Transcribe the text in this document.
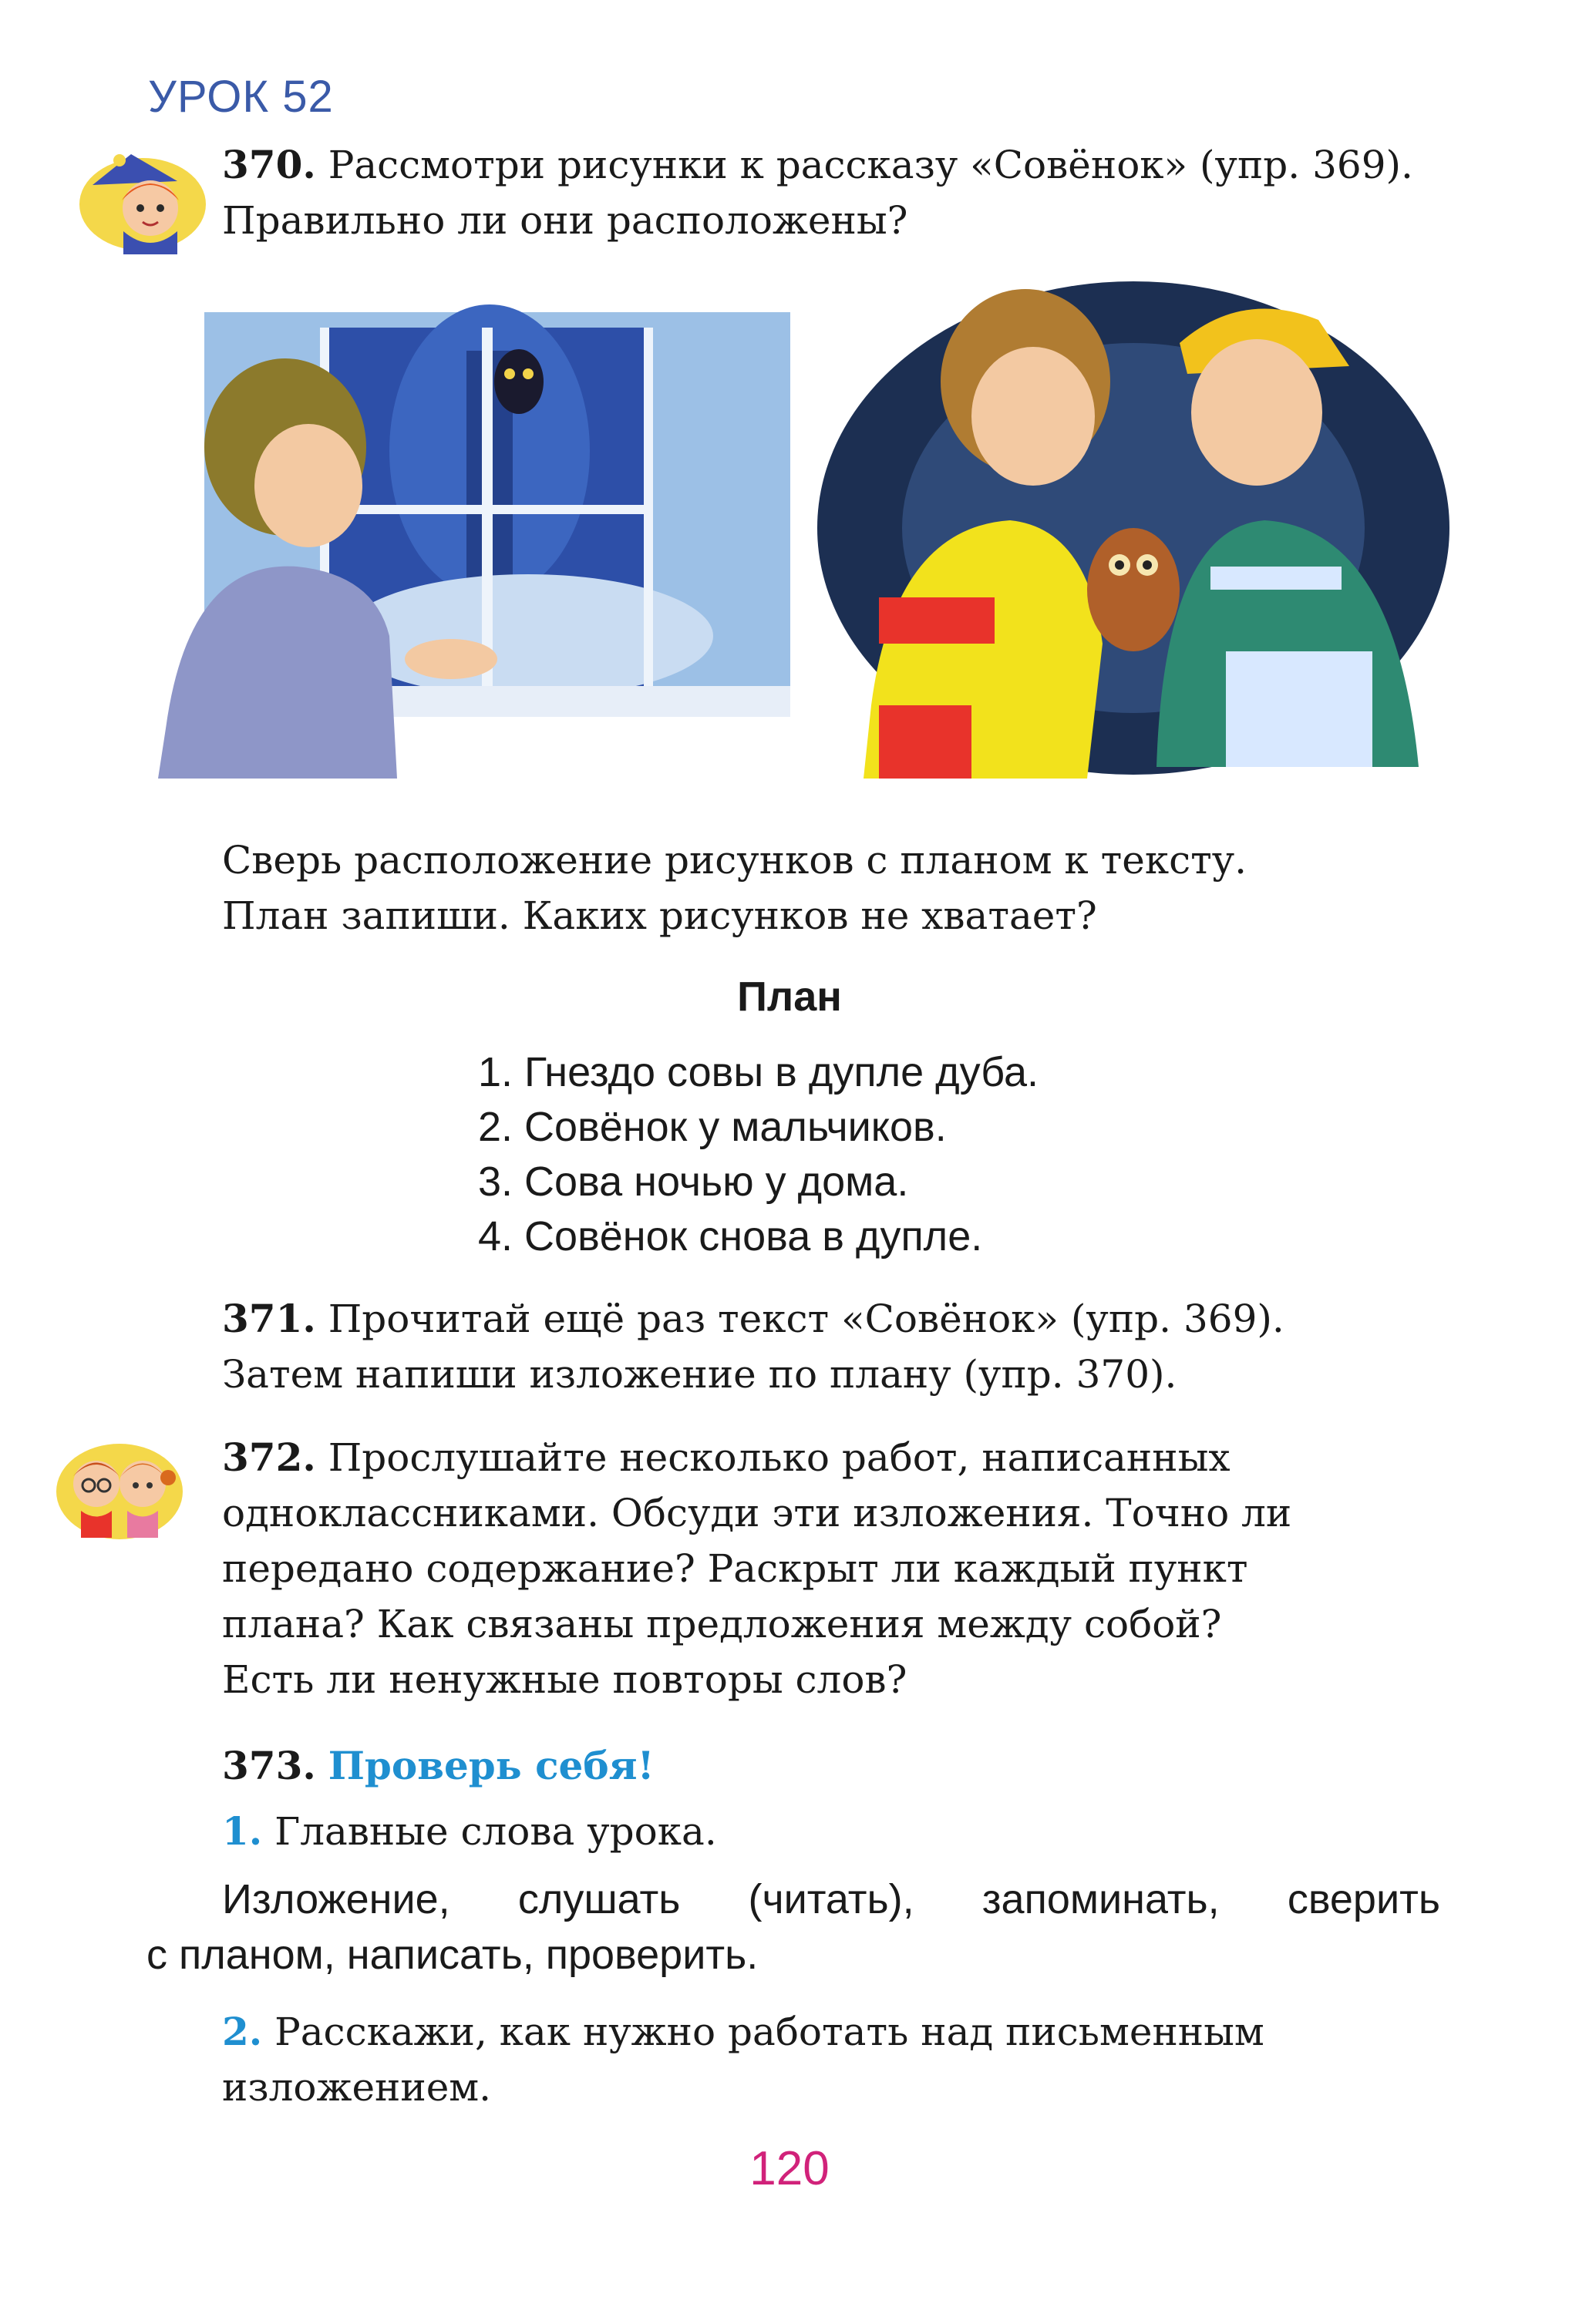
УРОК 52
370. Рассмотри рисунки к рассказу «Совёнок» (упр. 369).
Правильно ли они расположены?
Сверь расположение рисунков с планом к тексту.
План запиши. Каких рисунков не хватает?
План
1. Гнездо совы в дупле дуба.
2. Совёнок у мальчиков.
3. Сова ночью у дома.
4. Совёнок снова в дупле.
371. Прочитай ещё раз текст «Совёнок» (упр. 369).
Затем напиши изложение по плану (упр. 370).
372. Прослушайте несколько работ, написанных
одноклассниками. Обсуди эти изложения. Точно ли
передано содержание? Раскрыт ли каждый пункт
плана? Как связаны предложения между собой?
Есть ли ненужные повторы слов?
373. Проверь себя!
1. Главные слова урока.
Изложение, слушать (читать), запоминать, сверить
с планом, написать, проверить.
2. Расскажи, как нужно работать над письменным
изложением.
120
